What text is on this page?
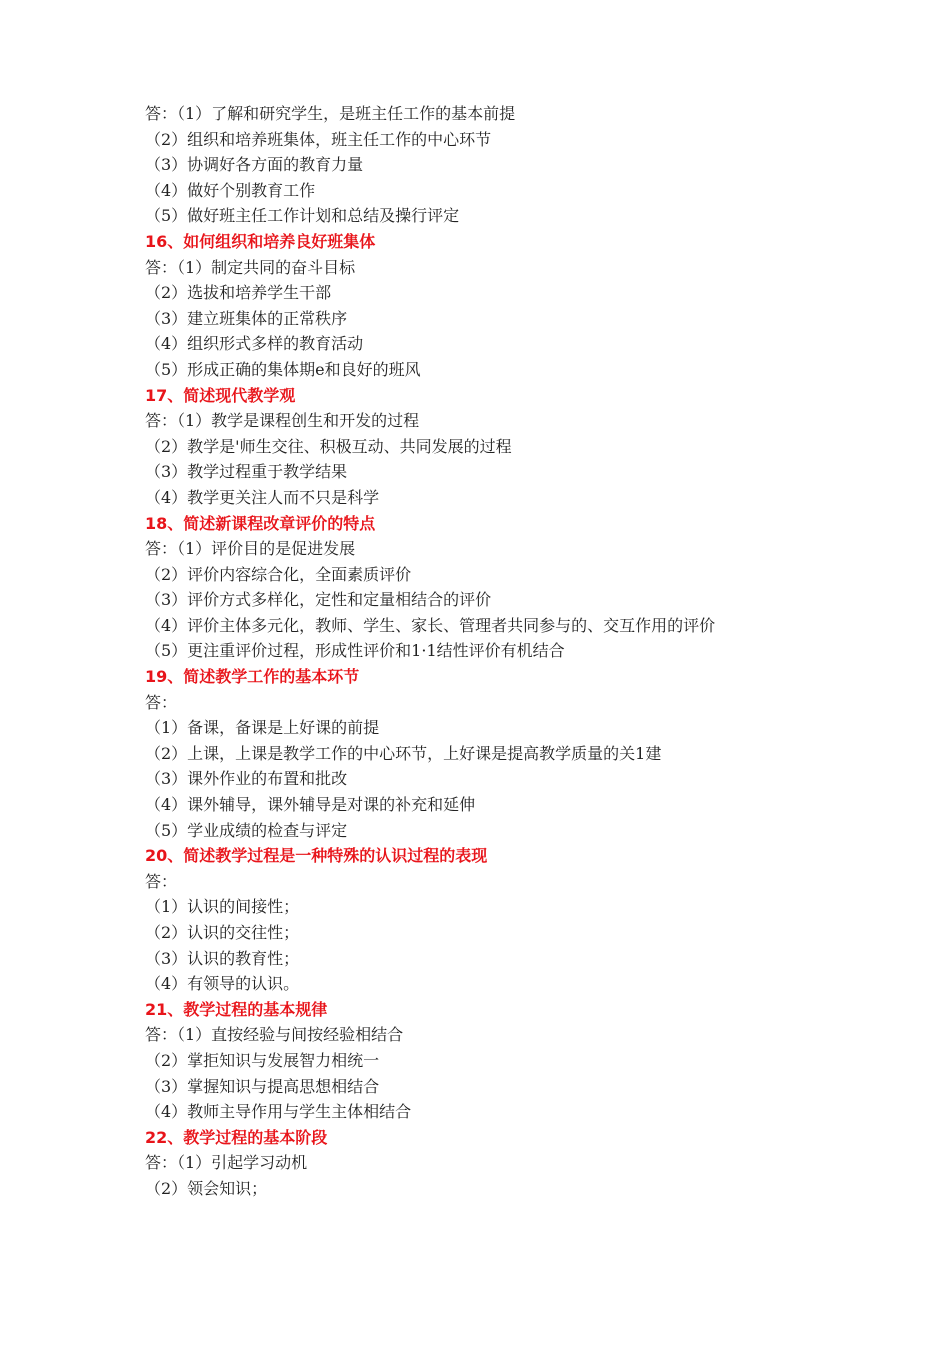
答：（1）了解和研究学生，是班主任工作的基本前提
（2）组织和培养班集体，班主任工作的中心环节
（3）协调好各方面的教育力量
（4）做好个别教育工作
（5）做好班主任工作计划和总结及操行评定
16、如何组织和培养良好班集体
答：（1）制定共同的奋斗目标
（2）选拔和培养学生干部
（3）建立班集体的正常秩序
（4）组织形式多样的教育活动
（5）形成正确的集体期e和良好的班风
17、简述现代教学观
答：（1）教学是课程创生和开发的过程
（2）教学是'师生交往、积极互动、共同发展的过程
（3）教学过程重于教学结果
（4）教学更关注人而不只是科学
18、简述新课程改章评价的特点
答：（1）评价目的是促进发展
（2）评价内容综合化，全面素质评价
（3）评价方式多样化，定性和定量相结合的评价
（4）评价主体多元化，教师、学生、家长、管理者共同参与的、交互作用的评价
（5）更注重评价过程，形成性评价和1·1结性评价有机结合
19、简述教学工作的基本环节
答：
（1）备课，备课是上好课的前提
（2）上课，上课是教学工作的中心环节，上好课是提高教学质量的关1建
（3）课外作业的布置和批改
（4）课外辅导，课外辅导是对课的补充和延伸
（5）学业成绩的检查与评定
20、简述教学过程是一种特殊的认识过程的表现
答：
（1）认识的间接性；
（2）认识的交往性；
（3）认识的教育性；
（4）有领导的认识。
21、教学过程的基本规律
答：（1）直按经验与间按经验相结合
（2）掌拒知识与发展智力相统一
（3）掌握知识与提高思想相结合
（4）教师主导作用与学生主体相结合
22、教学过程的基本阶段
答：（1）引起学习动机
（2）领会知识；
